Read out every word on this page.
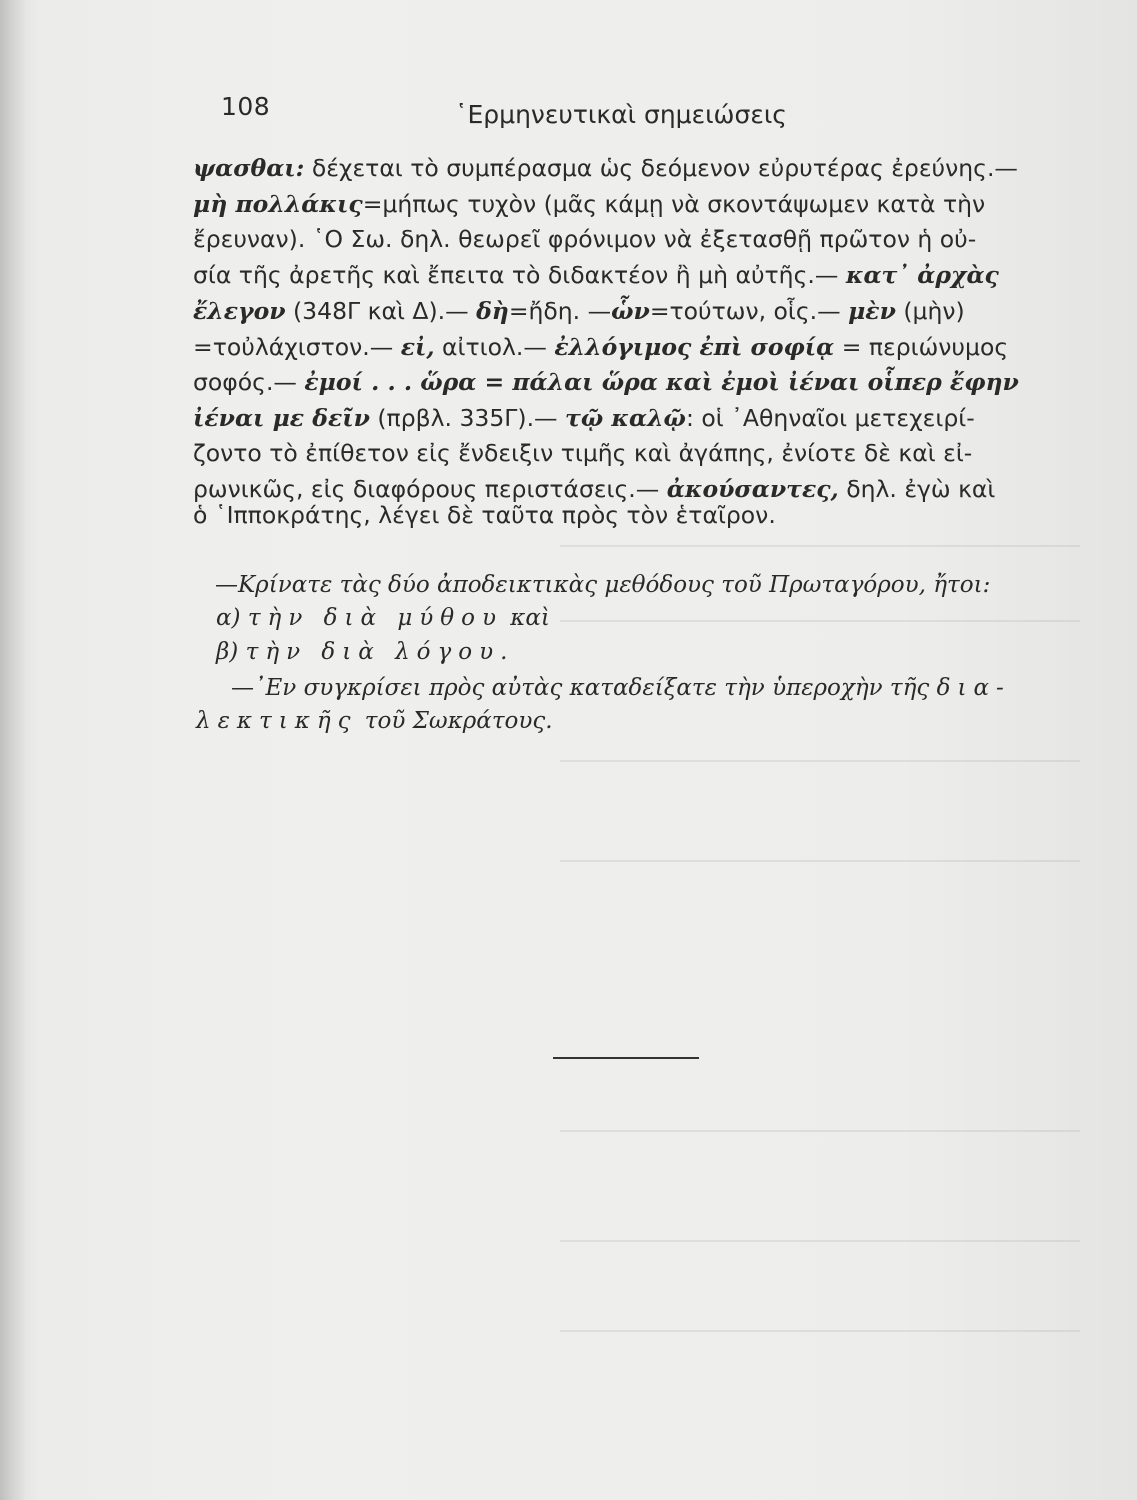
108	῾Ερμηνευτικαὶ σημειώσεις
ψασθαι: δέχεται τὸ συμπέρασμα ὡς δεόμενον εὐρυτέρας ἐρεύνης.—
μὴ πολλάκις=μήπως τυχὸν (μᾶς κάμῃ νὰ σκοντάψωμεν κατὰ τὴν
ἔρευναν). ῾Ο Σω. δηλ. θεωρεῖ φρόνιμον νὰ ἐξετασθῇ πρῶτον ἡ οὐ-
σία τῆς ἀρετῆς καὶ ἔπειτα τὸ διδακτέον ἢ μὴ αὐτῆς.— κατ᾿ ἀρχὰς
ἔλεγον (348Γ καὶ Δ).— δὴ=ἤδη. —ὧν=τούτων, οἷς.— μὲν (μὴν)
=τοὐλάχιστον.— εἰ, αἰτιολ.— ἐλλόγιμος ἐπὶ σοφίᾳ = περιώνυμος
σοφός.— ἐμοί . . . ὥρα = πάλαι ὥρα καὶ ἐμοὶ ἰέναι οἷπερ ἔφην
ἰέναι με δεῖν (πρβλ. 335Γ).— τῷ καλῷ: οἱ ᾿Αθηναῖοι μετεχειρί-
ζοντο τὸ ἐπίθετον εἰς ἔνδειξιν τιμῆς καὶ ἀγάπης, ἐνίοτε δὲ καὶ εἰ-
ρωνικῶς, εἰς διαφόρους περιστάσεις.— ἀκούσαντες, δηλ. ἐγὼ καὶ
ὁ ῾Ιπποκράτης, λέγει δὲ ταῦτα πρὸς τὸν ἑταῖρον.
—Κρίνατε τὰς δύο ἀποδεικτικὰς μεθόδους τοῦ Πρωταγόρου, ἤτοι:
α) τὴν διὰ μύθου καὶ
β) τὴν διὰ λόγου.
—᾿Εν συγκρίσει πρὸς αὐτὰς καταδείξατε τὴν ὑπεροχὴν τῆς δια-
λεκτικῆς τοῦ Σωκράτους.
